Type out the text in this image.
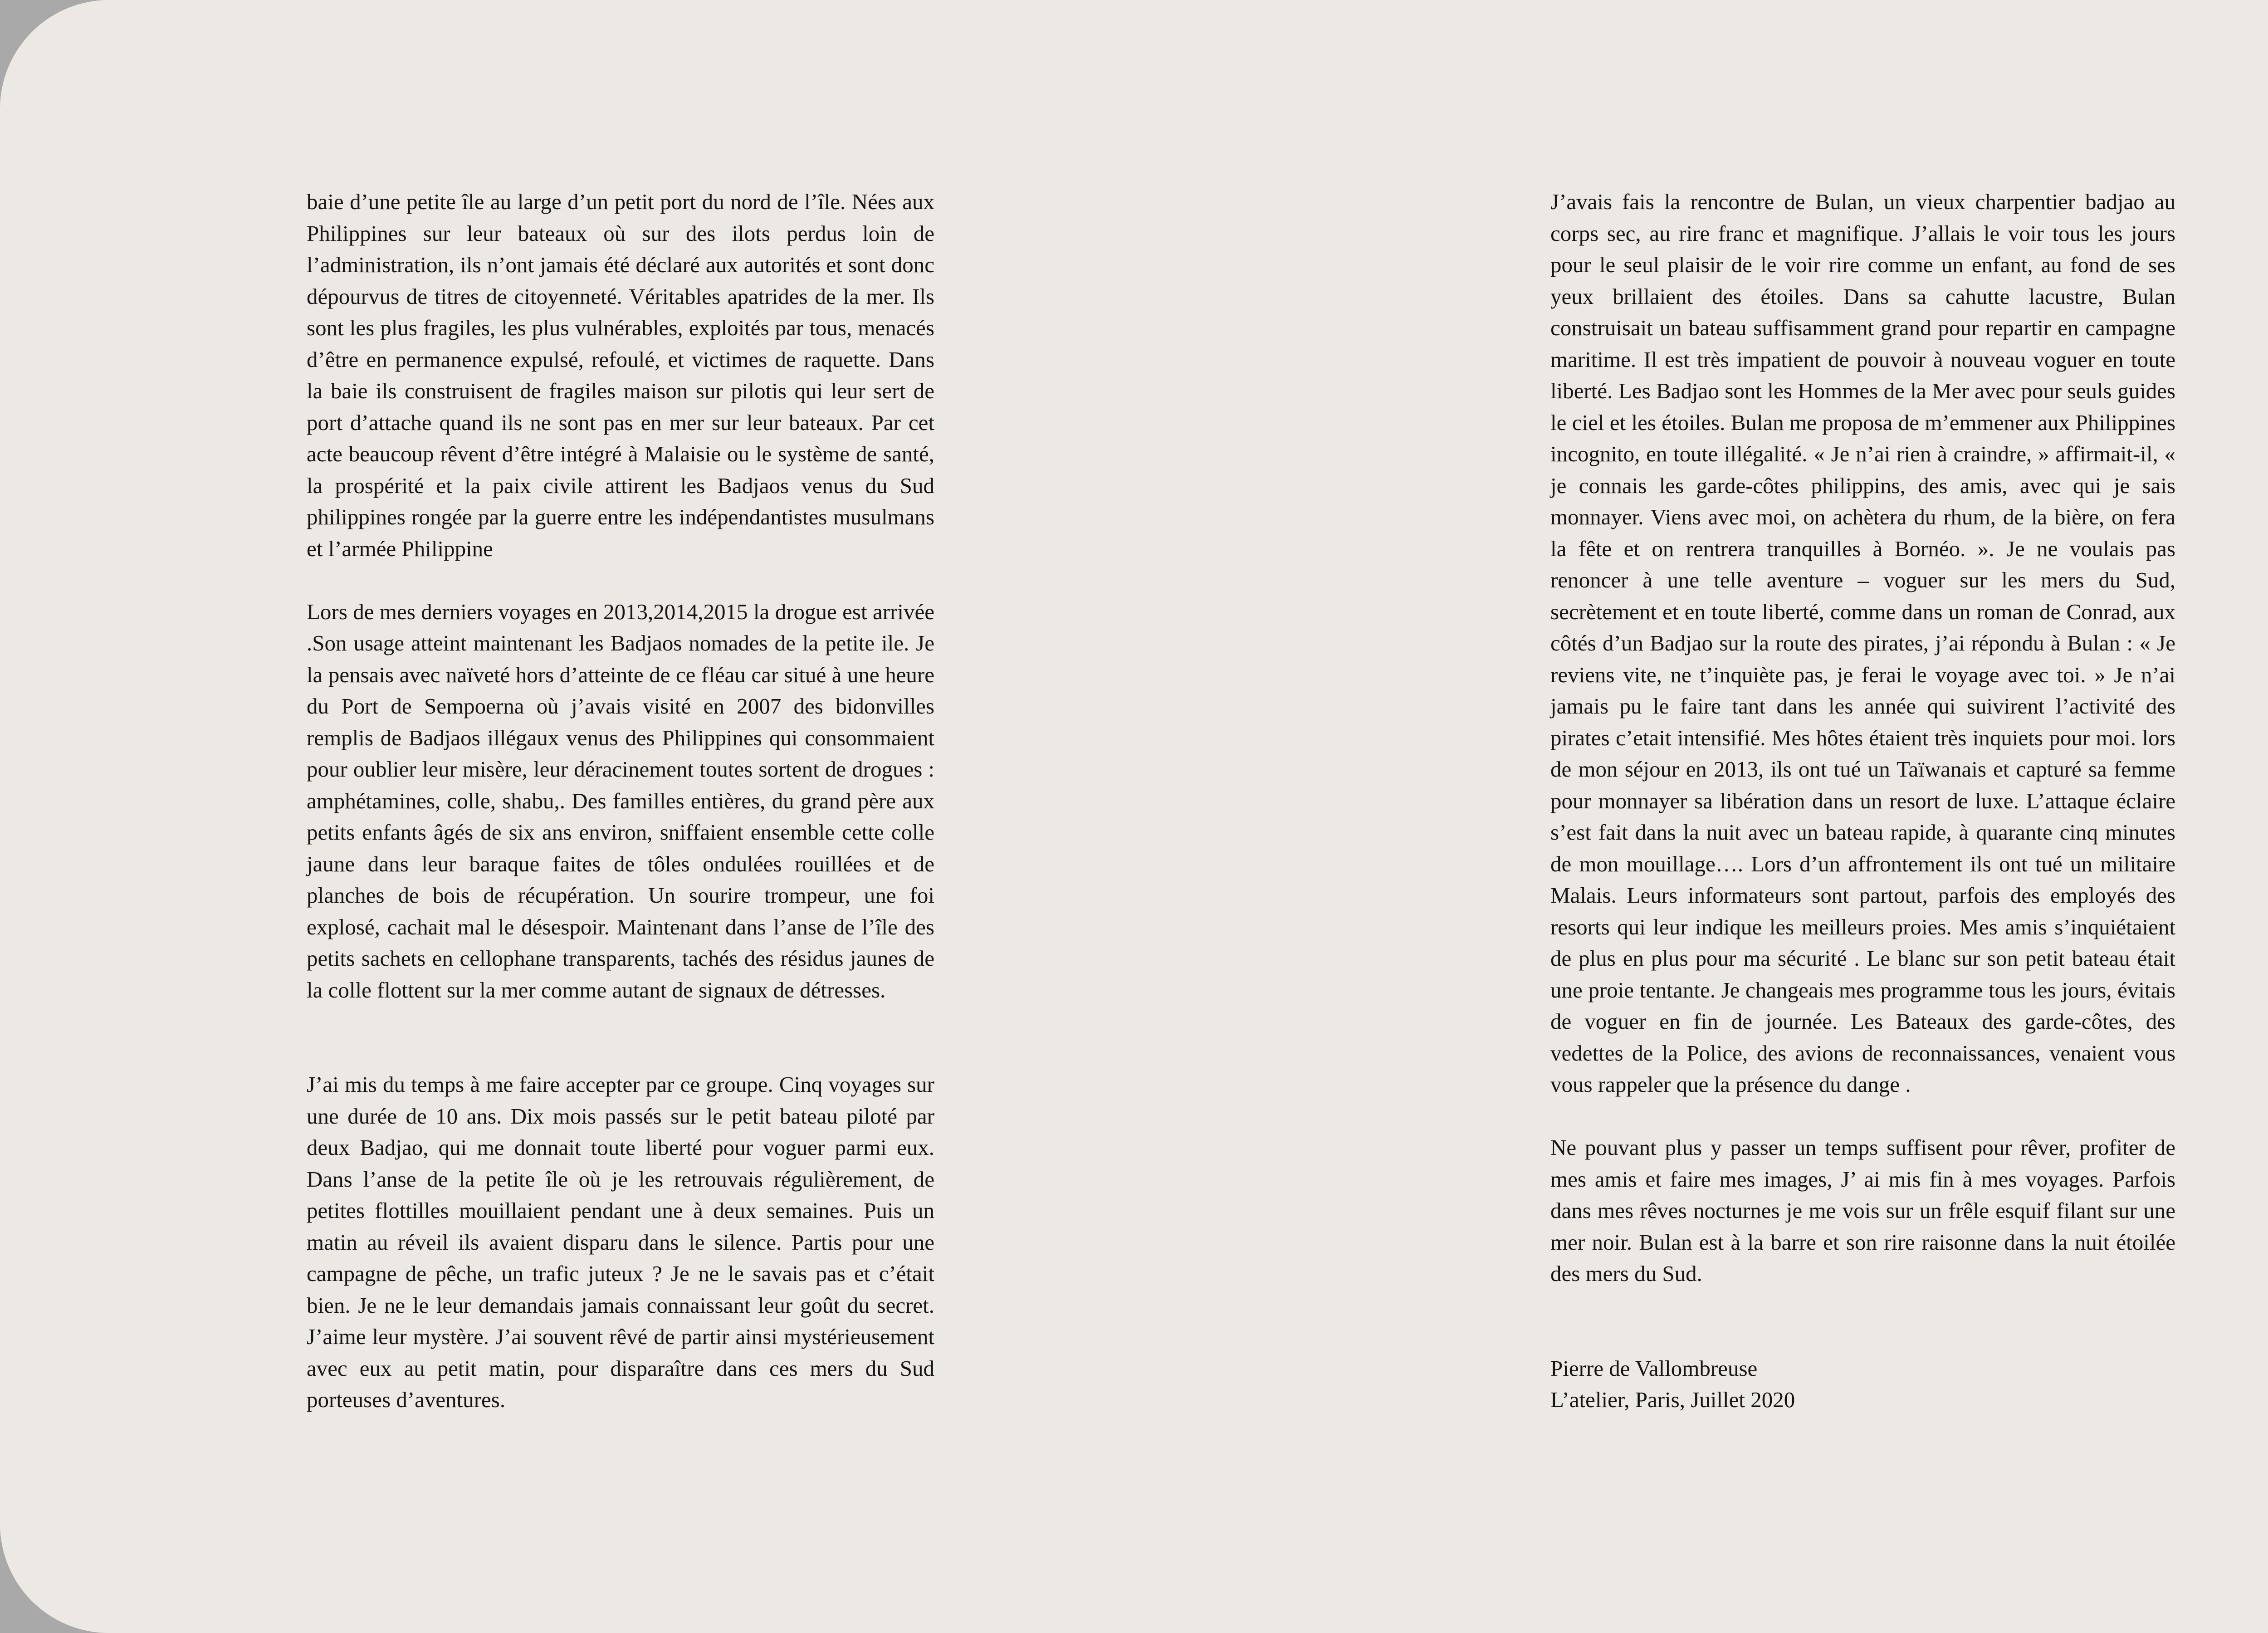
baie d’une petite île au large d’un petit port du nord de l’île. Nées aux Philippines sur leur bateaux où sur des ilots perdus loin de l’administration, ils n’ont jamais été déclaré aux autorités et sont donc dépourvus de titres de citoyenneté. Véritables apatrides de la mer. Ils sont les plus fragiles, les plus vulnérables, exploités par tous, menacés d’être en permanence expulsé, refoulé, et victimes de raquette. Dans la baie ils construisent de fragiles maison sur pilotis qui leur sert de port d’attache quand ils ne sont pas en mer sur leur bateaux. Par cet acte beaucoup rêvent d’être intégré à Malaisie ou le système de santé, la prospérité et la paix civile attirent les Badjaos venus du Sud philippines rongée par la guerre entre les indépendantistes musulmans et l’armée Philippine

Lors de mes derniers voyages en 2013,2014,2015 la drogue est arrivée .Son usage atteint maintenant les Badjaos nomades de la petite ile. Je la pensais avec naïveté hors d’atteinte de ce fléau car situé à une heure du Port de Sempoerna où j’avais visité en 2007 des bidonvilles remplis de Badjaos illégaux venus des Philippines qui consommaient pour oublier leur misère, leur déracinement toutes sortent de drogues : amphétamines, colle, shabu,. Des familles entières, du grand père aux petits enfants âgés de six ans environ, sniffaient ensemble cette colle jaune dans leur baraque faites de tôles ondulées rouillées et de planches de bois de récupération. Un sourire trompeur, une foi explosé, cachait mal le désespoir. Maintenant dans l’anse de l’île des petits sachets en cellophane transparents, tachés des résidus jaunes de la colle flottent sur la mer comme autant de signaux de détresses.

J’ai mis du temps à me faire accepter par ce groupe. Cinq voyages sur une durée de 10 ans. Dix mois passés sur le petit bateau piloté par deux Badjao, qui me donnait toute liberté pour voguer parmi eux. Dans l’anse de la petite île où je les retrouvais régulièrement, de petites flottilles mouillaient pendant une à deux semaines. Puis un matin au réveil ils avaient disparu dans le silence. Partis pour une campagne de pêche, un trafic juteux ? Je ne le savais pas et c’était bien. Je ne le leur demandais jamais connaissant leur goût du secret. J’aime leur mystère. J’ai souvent rêvé de partir ainsi mystérieusement avec eux au petit matin, pour disparaître dans ces mers du Sud porteuses d’aventures.

J’avais fais la rencontre de Bulan, un vieux charpentier badjao au corps sec, au rire franc et magnifique. J’allais le voir tous les jours pour le seul plaisir de le voir rire comme un enfant, au fond de ses yeux brillaient des étoiles. Dans sa cahutte lacustre, Bulan construisait un bateau suffisamment grand pour repartir en campagne maritime. Il est très impatient de pouvoir à nouveau voguer en toute liberté. Les Badjao sont les Hommes de la Mer avec pour seuls guides le ciel et les étoiles. Bulan me proposa de m’emmener aux Philippines incognito, en toute illégalité. « Je n’ai rien à craindre, » affirmait-il, « je connais les garde-côtes philippins, des amis, avec qui je sais monnayer. Viens avec moi, on achètera du rhum, de la bière, on fera la fête et on rentrera tranquilles à Bornéo. ». Je ne voulais pas renoncer à une telle aventure – voguer sur les mers du Sud, secrètement et en toute liberté, comme dans un roman de Conrad, aux côtés d’un Badjao sur la route des pirates, j’ai répondu à Bulan : « Je reviens vite, ne t’inquiète pas, je ferai le voyage avec toi. » Je n’ai jamais pu le faire tant dans les année qui suivirent l’activité des pirates c’etait intensifié. Mes hôtes étaient très inquiets pour moi. lors de mon séjour en 2013, ils ont tué un Taïwanais et capturé sa femme pour monnayer sa libération dans un resort de luxe. L’attaque éclaire s’est fait dans la nuit avec un bateau rapide, à quarante cinq minutes de mon mouillage…. Lors d’un affrontement ils ont tué un militaire Malais. Leurs informateurs sont partout, parfois des employés des resorts qui leur indique les meilleurs proies. Mes amis s’inquiétaient de plus en plus pour ma sécurité . Le blanc sur son petit bateau était une proie tentante. Je changeais mes programme tous les jours, évitais de voguer en fin de journée. Les Bateaux des garde-côtes, des vedettes de la Police, des avions de reconnaissances, venaient vous vous rappeler que la présence du dange .

Ne pouvant plus y passer un temps suffisent pour rêver, profiter de mes amis et faire mes images, J’ ai mis fin à mes voyages. Parfois dans mes rêves nocturnes je me vois sur un frêle esquif filant sur une mer noir. Bulan est à la barre et son rire raisonne dans la nuit étoilée des mers du Sud.

Pierre de Vallombreuse
L’atelier, Paris, Juillet 2020
